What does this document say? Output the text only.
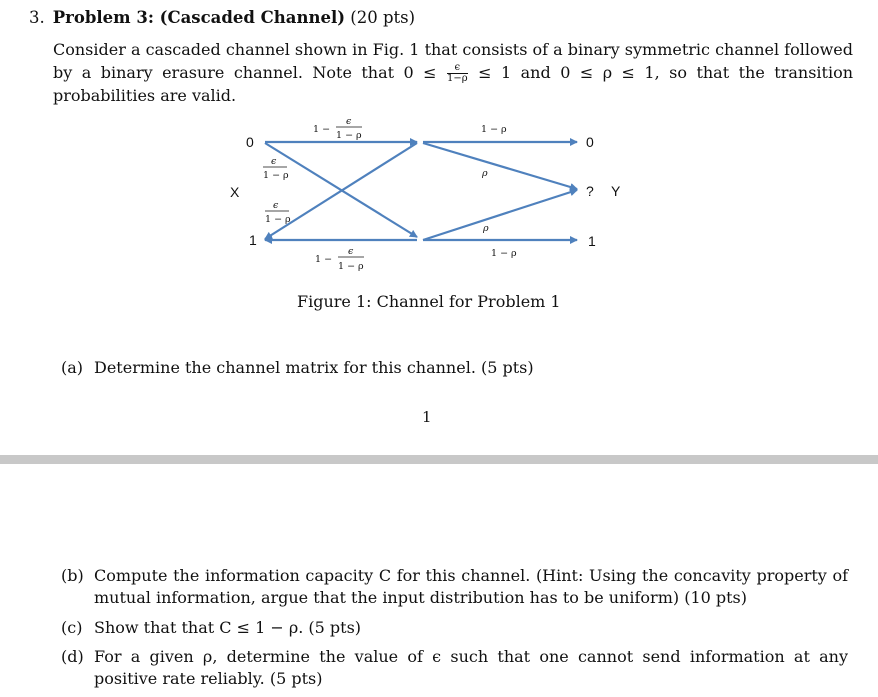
3. Problem 3: (Cascaded Channel) (20 pts)
Consider a cascaded channel shown in Fig. 1 that consists of a binary symmetric channel followed by a binary erasure channel. Note that $0 \le \frac{\epsilon}{1-\rho} \le 1$ and 0 ≤ ρ ≤ 1, so that the transition probabilities are valid.
0
1
X
0
? Y
1
1 −
ϵ
1 − ρ
ϵ
1 − ρ
ϵ
1 − ρ
1 −
ϵ
1 − ρ
1 − ρ
ρ
ρ
1 − ρ
Figure 1: Channel for Problem 1
(a) Determine the channel matrix for this channel. (5 pts)
1
(b) Compute the information capacity C for this channel. (Hint: Using the concavity property of mutual information, argue that the input distribution has to be uniform) (10 pts)
(c) Show that that C ≤ 1 − ρ. (5 pts)
(d) For a given ρ, determine the value of ϵ such that one cannot send information at any positive rate reliably. (5 pts)
